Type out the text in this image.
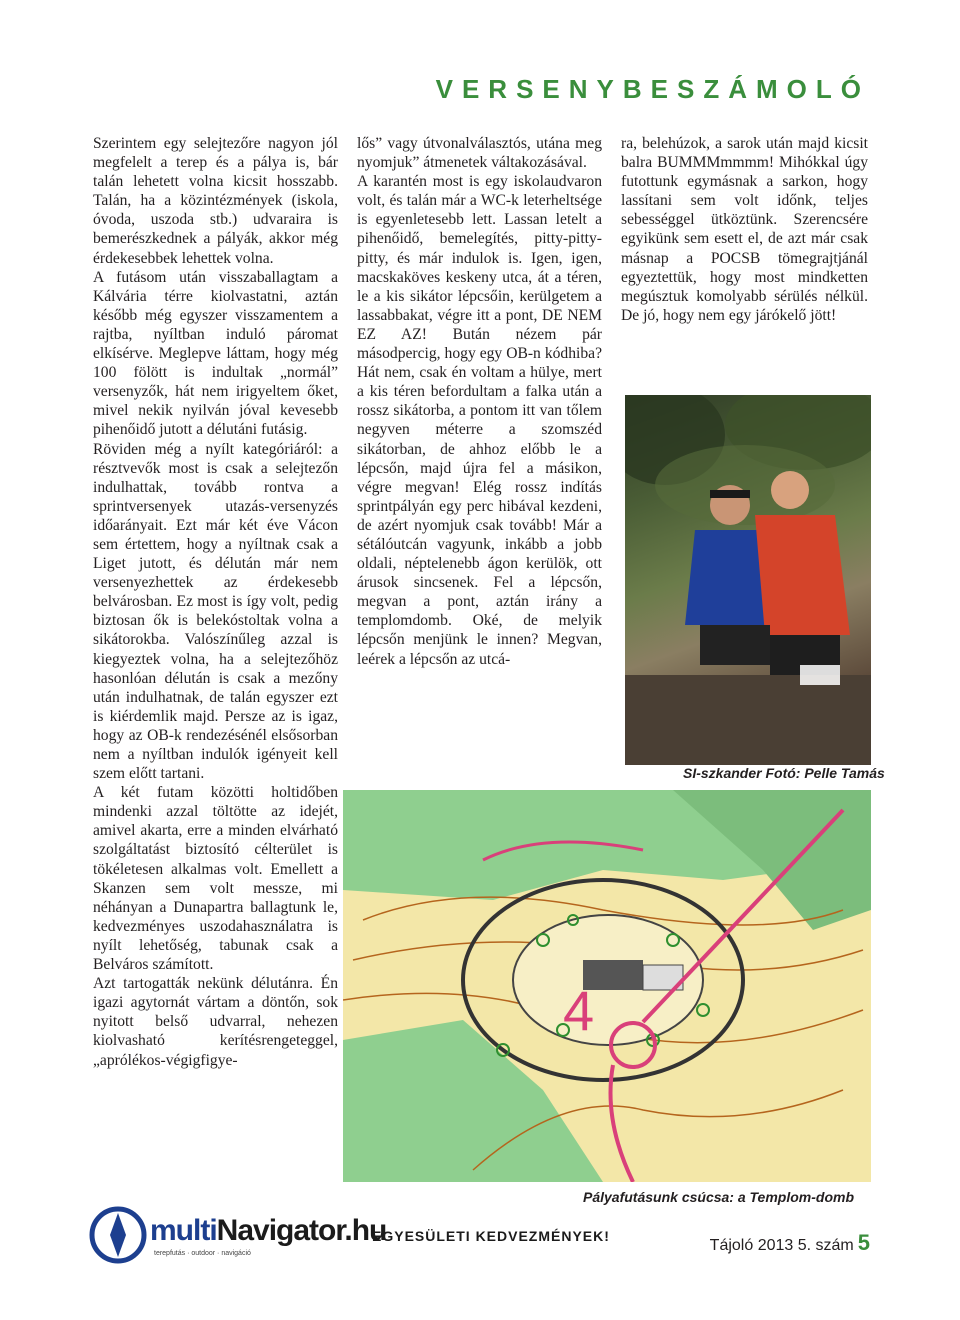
VERSENYBESZÁMOLÓ

Szerintem egy selejtezőre nagyon jól megfelelt a terep és a pálya is, bár talán lehetett volna kicsit hosszabb. Talán, ha a közintézmények (iskola, óvoda, uszoda stb.) udvaraira is bemerészkednek a pályák, akkor még érdekesebbek lehettek volna.

A futásom után visszaballagtam a Kálvária térre kiolvastatni, aztán később még egyszer visszamentem a rajtba, nyíltban induló páromat elkísérve. Meglepve láttam, hogy még 100 fölött is indultak „normál” versenyzők, hát nem irigyeltem őket, mivel nekik nyilván jóval kevesebb pihenőidő jutott a délutáni futásig.

Röviden még a nyílt kategóriáról: a résztvevők most is csak a selejtezőn indulhattak, tovább rontva a sprintversenyek utazás-versenyzés időarányait. Ezt már két éve Vácon sem értettem, hogy a nyíltnak csak a Liget jutott, és délután már nem versenyezhettek az érdekesebb belvárosban. Ez most is így volt, pedig biztosan ők is belekóstoltak volna a sikátorokba. Valószínűleg azzal is kiegyeztek volna, ha a selejtezőhöz hasonlóan délután is csak a mezőny után indulhatnak, de talán egyszer ezt is kiérdemlik majd. Persze az is igaz, hogy az OB-k rendezésénél elsősorban nem a nyíltban indulók igényeit kell szem előtt tartani.

A két futam közötti holtidőben mindenki azzal töltötte az idejét, amivel akarta, erre a minden elvárható szolgáltatást biztosító célterület is tökéletesen alkalmas volt. Emellett a Skanzen sem volt messze, mi néhányan a Dunapartra ballagtunk le, kedvezményes uszodahasználatra is nyílt lehetőség, tabunak csak a Belváros számított.

Azt tartogatták nekünk délutánra. Én igazi agytornát vártam a döntőn, sok nyitott belső udvarral, nehezen kiolvasható kerítésrengeteggel, „aprólékos-végigfigye-

lős” vagy útvonalválasztós, utána meg nyomjuk” átmenetek váltakozásával.

A karantén most is egy iskolaudvaron volt, és talán már a WC-k leterheltsége is egyenletesebb lett. Lassan letelt a pihenőidő, bemelegítés, pitty-pitty-pitty, és már indulok is. Igen, igen, macskaköves keskeny utca, át a téren, le a kis sikátor lépcsőin, kerülgetem a lassabbakat, végre itt a pont, DE NEM EZ AZ! Bután nézem pár másodpercig, hogy egy OB-n kódhiba? Hát nem, csak én voltam a hülye, mert a kis téren befordultam a falka után a rossz sikátorba, a pontom itt van tőlem negyven méterre a szomszéd sikátorban, de ahhoz előbb le a lépcsőn, majd újra fel a másikon, végre megvan! Elég rossz indítás sprintpályán egy perc hibával kezdeni, de azért nyomjuk csak tovább! Már a sétálóutcán vagyunk, inkább a jobb oldali, néptelenebb ágon kerülök, ott árusok sincsenek. Fel a lépcsőn, megvan a pont, aztán irány a templomdomb. Oké, de melyik lépcsőn menjünk le innen? Megvan, leérek a lépcsőn az utcá-

ra, belehúzok, a sarok után majd kicsit balra BUMMMmmmm! Mihókkal úgy futottunk egymásnak a sarkon, hogy lassítani sem volt időnk, teljes sebességgel ütköztünk. Szerencsére egyikünk sem esett el, de azt már csak másnap a POCSB tömegrajtjánál egyeztettük, hogy most mindketten megúsztuk komolyabb sérülés nélkül. De jó, hogy nem egy járókelő jött!

SI-szkander Fotó: Pelle Tamás
4
Pályafutásunk csúcsa: a Templom-domb
multiNavigator.hu
terepfutás · outdoor · navigáció
EGYESÜLETI KEDVEZMÉNYEK!
Tájoló 2013 5. szám 5
